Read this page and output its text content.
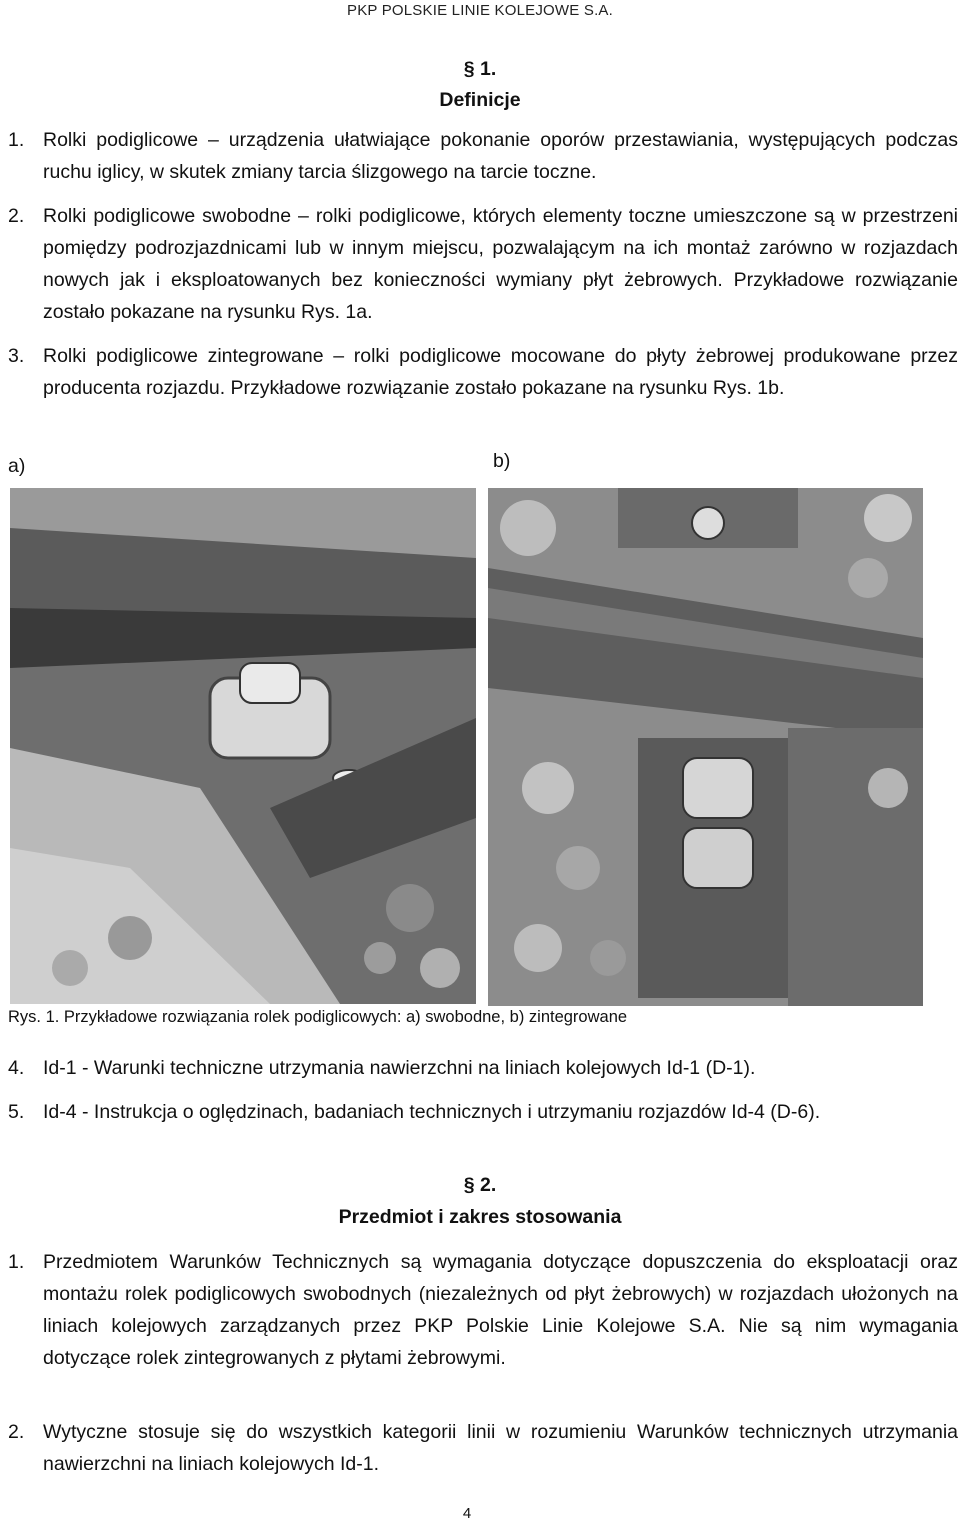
PKP POLSKIE LINIE KOLEJOWE S.A.
§ 1.
Definicje
1. Rolki podiglicowe – urządzenia ułatwiające pokonanie oporów przestawiania, występujących podczas ruchu iglicy, w skutek zmiany tarcia ślizgowego na tarcie toczne.
2. Rolki podiglicowe swobodne – rolki podiglicowe, których elementy toczne umieszczone są w przestrzeni pomiędzy podrozjazdnicami lub w innym miejscu, pozwalającym na ich montaż zarówno w rozjazdach nowych jak i eksploatowanych bez konieczności wymiany płyt żebrowych. Przykładowe rozwiązanie zostało pokazane na rysunku Rys. 1a.
3. Rolki podiglicowe zintegrowane – rolki podiglicowe mocowane do płyty żebrowej produkowane przez producenta rozjazdu. Przykładowe rozwiązanie zostało pokazane na rysunku Rys. 1b.
a)	b)
Rys. 1. Przykładowe rozwiązania rolek podiglicowych: a) swobodne, b) zintegrowane
4. Id-1 - Warunki techniczne utrzymania nawierzchni na liniach kolejowych Id-1 (D-1).
5. Id-4 - Instrukcja o oględzinach, badaniach technicznych i utrzymaniu rozjazdów Id-4 (D-6).
§ 2.
Przedmiot i zakres stosowania
1. Przedmiotem Warunków Technicznych są wymagania dotyczące dopuszczenia do eksploatacji oraz montażu rolek podiglicowych swobodnych (niezależnych od płyt żebrowych) w rozjazdach ułożonych na liniach kolejowych zarządzanych przez PKP Polskie Linie Kolejowe S.A. Nie są nim wymagania dotyczące rolek zintegrowanych z płytami żebrowymi.
2. Wytyczne stosuje się do wszystkich kategorii linii w rozumieniu Warunków technicznych utrzymania nawierzchni na liniach kolejowych Id-1.
4
